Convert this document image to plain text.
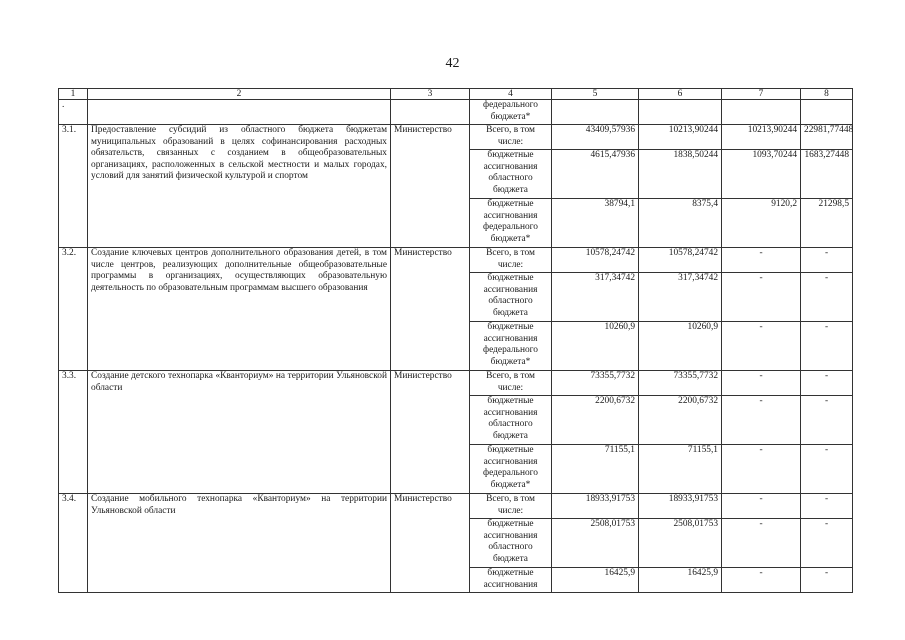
42
1	2	3	4	5	6	7	8
.			федерального бюджета*				
3.1.	Предоставление субсидий из областного бюджета бюджетам муниципальных образований в целях софинансирования расходных обязательств, связанных с созданием в общеобразовательных организациях, расположенных в сельской местности и малых городах, условий для занятий физической культурой и спортом	Министерство	Всего, в том числе:	43409,57936	10213,90244	10213,90244	22981,77448
			бюджетные ассигнования областного бюджета	4615,47936	1838,50244	1093,70244	1683,27448
			бюджетные ассигнования федерального бюджета*	38794,1	8375,4	9120,2	21298,5
3.2.	Создание ключевых центров дополнительного образования детей, в том числе центров, реализующих дополнительные общеобразовательные программы в организациях, осуществляющих образовательную деятельность по образовательным программам высшего образования	Министерство	Всего, в том числе:	10578,24742	10578,24742	-	-
			бюджетные ассигнования областного бюджета	317,34742	317,34742	-	-
			бюджетные ассигнования федерального бюджета*	10260,9	10260,9	-	-
3.3.	Создание детского технопарка «Кванториум» на территории Ульяновской области	Министерство	Всего, в том числе:	73355,7732	73355,7732	-	-
			бюджетные ассигнования областного бюджета	2200,6732	2200,6732	-	-
			бюджетные ассигнования федерального бюджета*	71155,1	71155,1	-	-
3.4.	Создание мобильного технопарка «Кванториум» на территории Ульяновской области	Министерство	Всего, в том числе:	18933,91753	18933,91753	-	-
			бюджетные ассигнования областного бюджета	2508,01753	2508,01753	-	-
			бюджетные ассигнования	16425,9	16425,9	-	-
